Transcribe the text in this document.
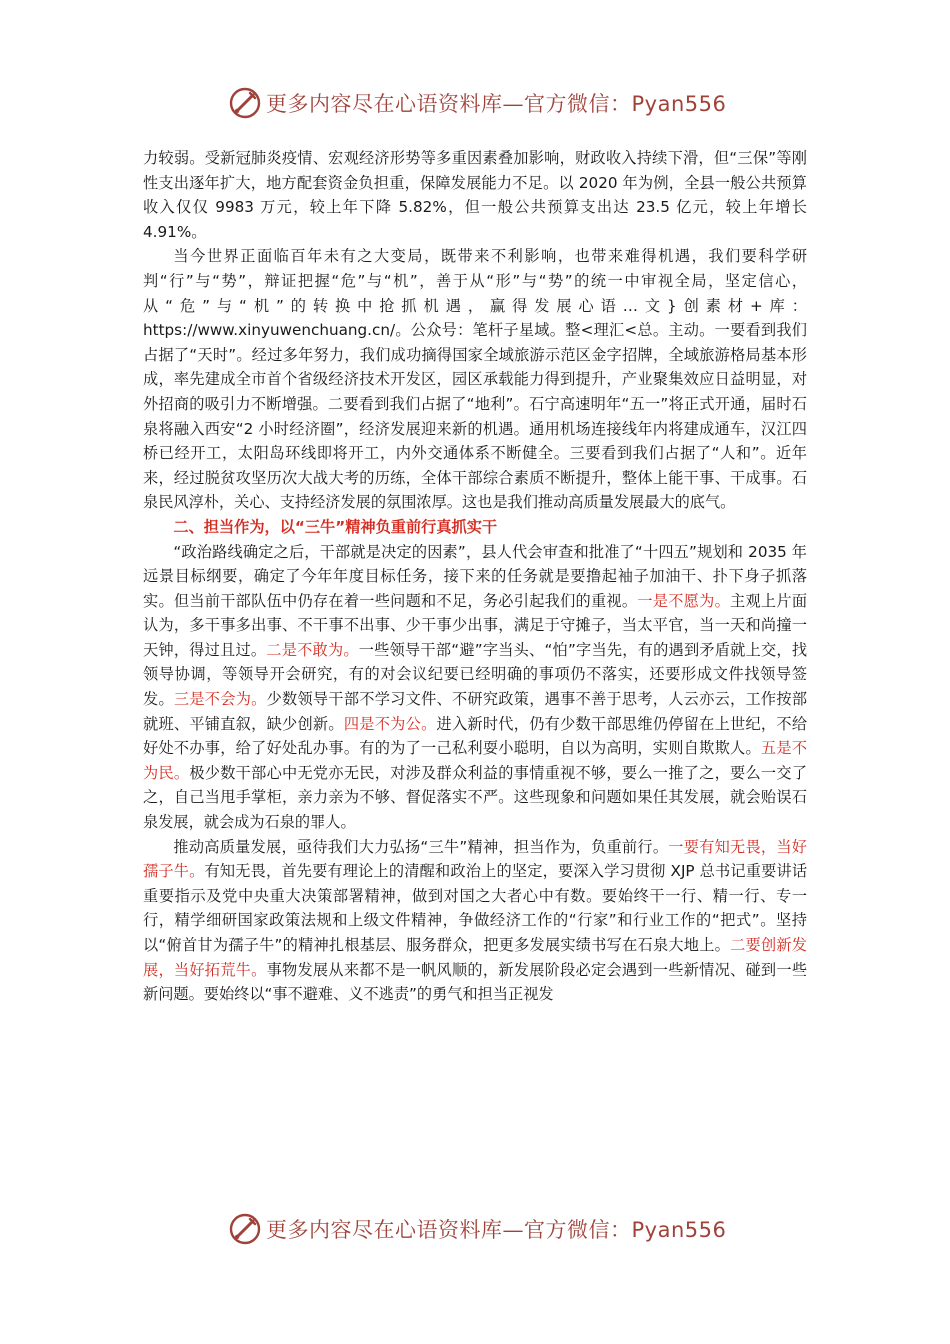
更多内容尽在心语资料库—官方微信：Pyan556

力较弱。受新冠肺炎疫情、宏观经济形势等多重因素叠加影响，财政收入持续下滑，但“三保”等刚性支出逐年扩大，地方配套资金负担重，保障发展能力不足。以 2020 年为例，全县一般公共预算收入仅仅 9983 万元，较上年下降 5.82%，但一般公共预算支出达 23.5 亿元，较上年增长 4.91%。

当今世界正面临百年未有之大变局，既带来不利影响，也带来难得机遇，我们要科学研判“行”与“势”，辩证把握“危”与“机”，善于从“形”与“势”的统一中审视全局，坚定信心，从“危”与“机”的转换中抢抓机遇，赢得发展心语…文}创素材+库：https://www.xinyuwenchuang.cn/。公众号：笔杆子星域。整<理汇<总。主动。一要看到我们占据了“天时”。经过多年努力，我们成功摘得国家全域旅游示范区金字招牌，全域旅游格局基本形成，率先建成全市首个省级经济技术开发区，园区承载能力得到提升，产业聚集效应日益明显，对外招商的吸引力不断增强。二要看到我们占据了“地利”。石宁高速明年“五一”将正式开通，届时石泉将融入西安“2 小时经济圈”，经济发展迎来新的机遇。通用机场连接线年内将建成通车，汉江四桥已经开工，太阳岛环线即将开工，内外交通体系不断健全。三要看到我们占据了“人和”。近年来，经过脱贫攻坚历次大战大考的历练，全体干部综合素质不断提升，整体上能干事、干成事。石泉民风淳朴，关心、支持经济发展的氛围浓厚。这也是我们推动高质量发展最大的底气。

二、担当作为，以“三牛”精神负重前行真抓实干

“政治路线确定之后，干部就是决定的因素”，县人代会审查和批准了“十四五”规划和 2035 年远景目标纲要，确定了今年年度目标任务，接下来的任务就是要撸起袖子加油干、扑下身子抓落实。但当前干部队伍中仍存在着一些问题和不足，务必引起我们的重视。一是不愿为。主观上片面认为，多干事多出事、不干事不出事、少干事少出事，满足于守摊子，当太平官，当一天和尚撞一天钟，得过且过。二是不敢为。一些领导干部“避”字当头、“怕”字当先，有的遇到矛盾就上交，找领导协调，等领导开会研究，有的对会议纪要已经明确的事项仍不落实，还要形成文件找领导签发。三是不会为。少数领导干部不学习文件、不研究政策，遇事不善于思考，人云亦云，工作按部就班、平铺直叙，缺少创新。四是不为公。进入新时代，仍有少数干部思维仍停留在上世纪，不给好处不办事，给了好处乱办事。有的为了一己私利耍小聪明，自以为高明，实则自欺欺人。五是不为民。极少数干部心中无党亦无民，对涉及群众利益的事情重视不够，要么一推了之，要么一交了之，自己当甩手掌柜，亲力亲为不够、督促落实不严。这些现象和问题如果任其发展，就会贻误石泉发展，就会成为石泉的罪人。

推动高质量发展，亟待我们大力弘扬“三牛”精神，担当作为，负重前行。一要有知无畏，当好孺子牛。有知无畏，首先要有理论上的清醒和政治上的坚定，要深入学习贯彻 XJP 总书记重要讲话重要指示及党中央重大决策部署精神，做到对国之大者心中有数。要始终干一行、精一行、专一行，精学细研国家政策法规和上级文件精神，争做经济工作的“行家”和行业工作的“把式”。坚持以“俯首甘为孺子牛”的精神扎根基层、服务群众，把更多发展实绩书写在石泉大地上。二要创新发展，当好拓荒牛。事物发展从来都不是一帆风顺的，新发展阶段必定会遇到一些新情况、碰到一些新问题。要始终以“事不避难、义不逃责”的勇气和担当正视发

更多内容尽在心语资料库—官方微信：Pyan556
